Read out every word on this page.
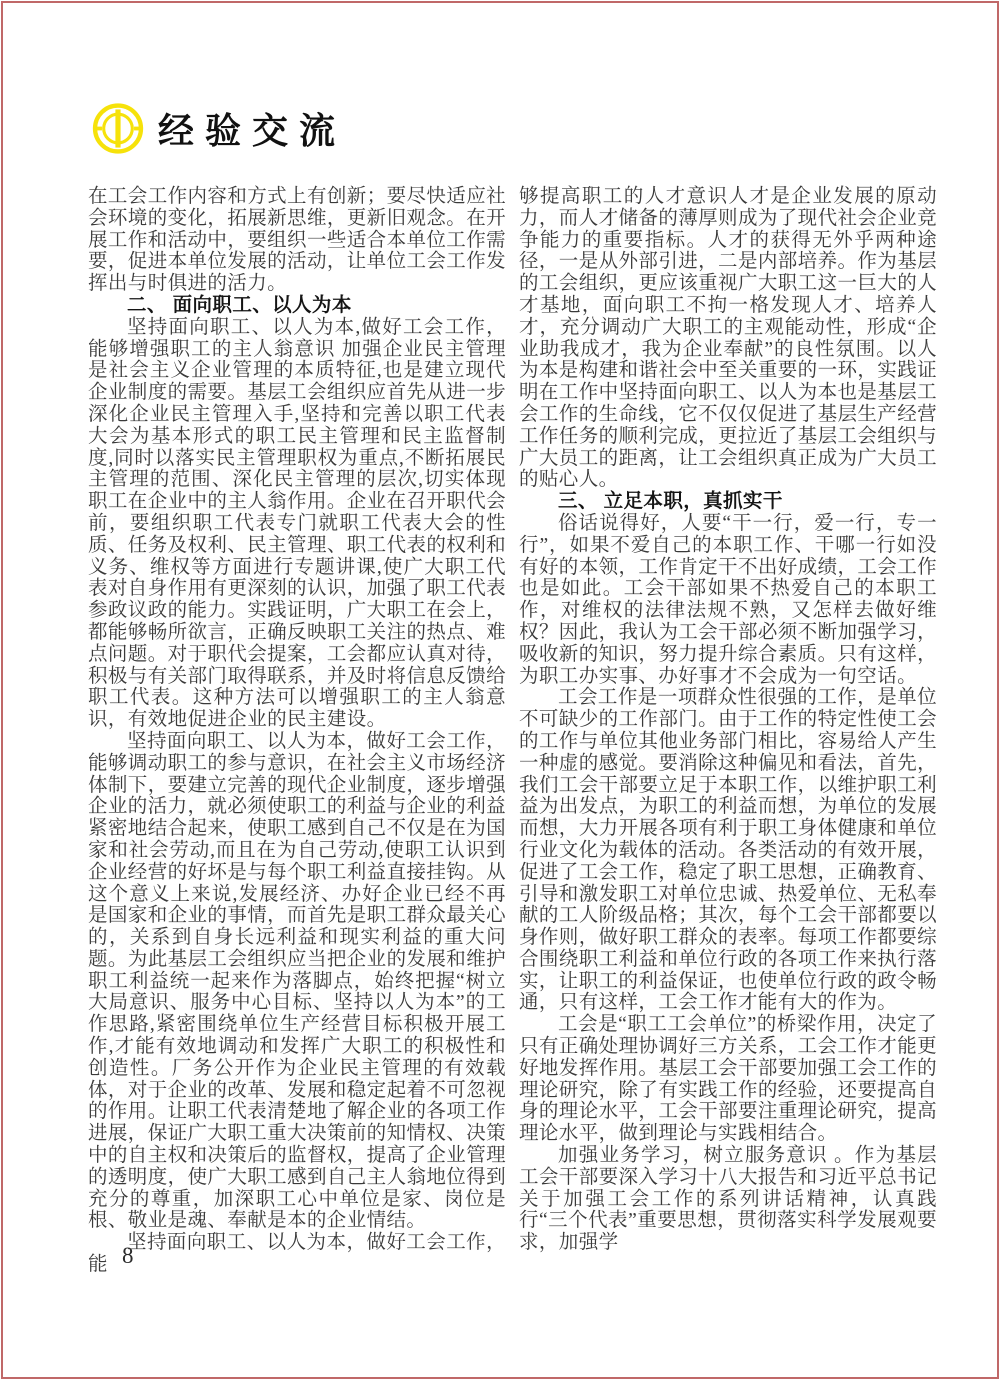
经验交流

在工会工作内容和方式上有创新；要尽快适应社会环境的变化，拓展新思维，更新旧观念。在开展工作和活动中，要组织一些适合本单位工作需要，促进本单位发展的活动，让单位工会工作发挥出与时俱进的活力。

二、 面向职工、以人为本

坚持面向职工、以人为本,做好工会工作，能够增强职工的主人翁意识 加强企业民主管理是社会主义企业管理的本质特征,也是建立现代企业制度的需要。基层工会组织应首先从进一步深化企业民主管理入手,坚持和完善以职工代表大会为基本形式的职工民主管理和民主监督制度,同时以落实民主管理职权为重点,不断拓展民主管理的范围、深化民主管理的层次,切实体现职工在企业中的主人翁作用。企业在召开职代会前，要组织职工代表专门就职工代表大会的性质、任务及权利、民主管理、职工代表的权利和义务、维权等方面进行专题讲课,使广大职工代表对自身作用有更深刻的认识，加强了职工代表参政议政的能力。实践证明，广大职工在会上，都能够畅所欲言，正确反映职工关注的热点、难点问题。对于职代会提案，工会都应认真对待，积极与有关部门取得联系，并及时将信息反馈给职工代表。这种方法可以增强职工的主人翁意识，有效地促进企业的民主建设。

坚持面向职工、以人为本，做好工会工作，能够调动职工的参与意识，在社会主义市场经济体制下，要建立完善的现代企业制度，逐步增强企业的活力，就必须使职工的利益与企业的利益紧密地结合起来，使职工感到自己不仅是在为国家和社会劳动,而且在为自己劳动,使职工认识到企业经营的好坏是与每个职工利益直接挂钩。从这个意义上来说,发展经济、办好企业已经不再是国家和企业的事情，而首先是职工群众最关心的，关系到自身长远利益和现实利益的重大问题。为此基层工会组织应当把企业的发展和维护职工利益统一起来作为落脚点，始终把握“树立大局意识、服务中心目标、坚持以人为本”的工作思路,紧密围绕单位生产经营目标积极开展工作,才能有效地调动和发挥广大职工的积极性和创造性。厂务公开作为企业民主管理的有效载体，对于企业的改革、发展和稳定起着不可忽视的作用。让职工代表清楚地了解企业的各项工作进展，保证广大职工重大决策前的知情权、决策中的自主权和决策后的监督权，提高了企业管理的透明度，使广大职工感到自己主人翁地位得到充分的尊重，加深职工心中单位是家、岗位是根、敬业是魂、奉献是本的企业情结。

坚持面向职工、以人为本，做好工会工作，能

够提高职工的人才意识人才是企业发展的原动力，而人才储备的薄厚则成为了现代社会企业竞争能力的重要指标。人才的获得无外乎两种途径，一是从外部引进，二是内部培养。作为基层的工会组织，更应该重视广大职工这一巨大的人才基地，面向职工不拘一格发现人才、培养人才，充分调动广大职工的主观能动性，形成“企业助我成才，我为企业奉献”的良性氛围。以人为本是构建和谐社会中至关重要的一环，实践证明在工作中坚持面向职工、以人为本也是基层工会工作的生命线，它不仅仅促进了基层生产经营工作任务的顺利完成，更拉近了基层工会组织与广大员工的距离，让工会组织真正成为广大员工的贴心人。

三、 立足本职，真抓实干

俗话说得好，人要“干一行，爱一行，专一行”，如果不爱自己的本职工作、干哪一行如没有好的本领，工作肯定干不出好成绩，工会工作也是如此。工会干部如果不热爱自己的本职工作，对维权的法律法规不熟，又怎样去做好维权？因此，我认为工会干部必须不断加强学习，吸收新的知识，努力提升综合素质。只有这样，为职工办实事、办好事才不会成为一句空话。

工会工作是一项群众性很强的工作，是单位不可缺少的工作部门。由于工作的特定性使工会的工作与单位其他业务部门相比，容易给人产生一种虚的感觉。要消除这种偏见和看法，首先，我们工会干部要立足于本职工作，以维护职工利益为出发点，为职工的利益而想，为单位的发展而想，大力开展各项有利于职工身体健康和单位行业文化为载体的活动。各类活动的有效开展，促进了工会工作，稳定了职工思想，正确教育、引导和激发职工对单位忠诚、热爱单位、无私奉献的工人阶级品格；其次，每个工会干部都要以身作则，做好职工群众的表率。每项工作都要综合围绕职工利益和单位行政的各项工作来执行落实，让职工的利益保证，也使单位行政的政令畅通，只有这样，工会工作才能有大的作为。

工会是“职工工会单位”的桥梁作用，决定了只有正确处理协调好三方关系，工会工作才能更好地发挥作用。基层工会干部要加强工会工作的理论研究，除了有实践工作的经验，还要提高自身的理论水平，工会干部要注重理论研究，提高理论水平，做到理论与实践相结合。

加强业务学习，树立服务意识 。作为基层工会干部要深入学习十八大报告和习近平总书记关于加强工会工作的系列讲话精神，认真践行“三个代表”重要思想，贯彻落实科学发展观要求，加强学

8
